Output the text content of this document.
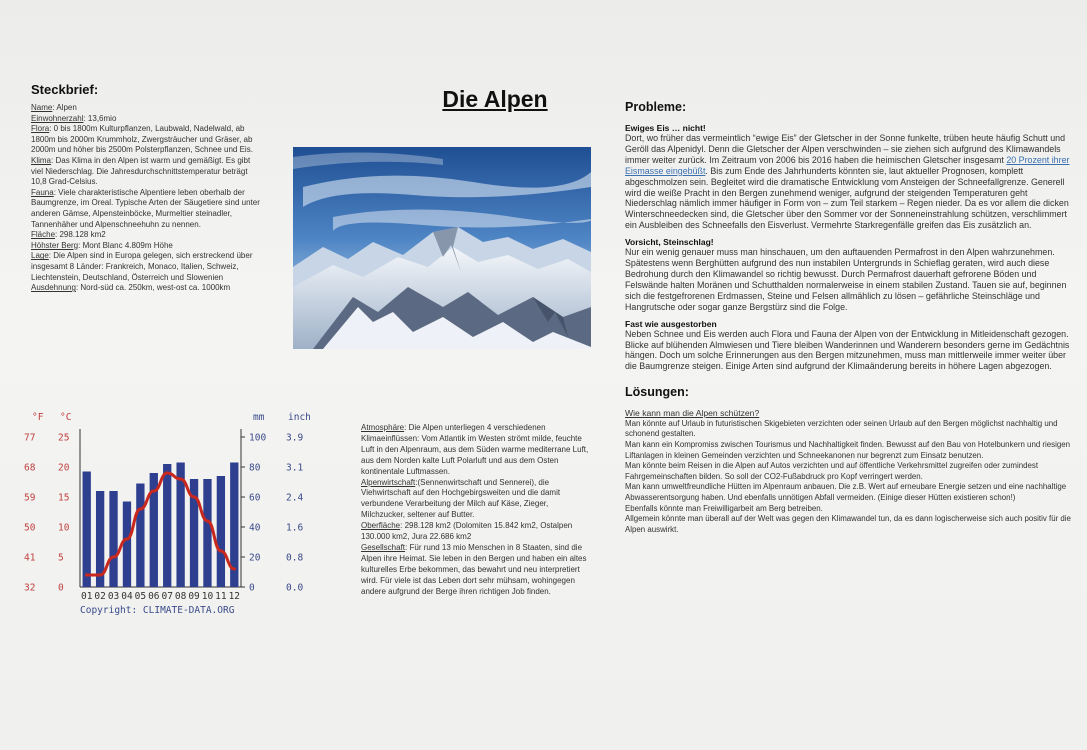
Steckbrief:
Name: Alpen
Einwohnerzahl: 13,6mio
Flora: 0 bis 1800m Kulturpflanzen, Laubwald, Nadelwald, ab 1800m bis 2000m Krummholz, Zwergsträucher und Gräser, ab 2000m und höher bis 2500m Polsterpflanzen, Schnee und Eis.
Klima: Das Klima in den Alpen ist warm und gemäßigt. Es gibt viel Niederschlag. Die Jahresdurchschnittstemperatur beträgt 10,8 Grad-Celsius.
Fauna: Viele charakteristische Alpentiere leben oberhalb der Baumgrenze, im Oreal. Typische Arten der Säugetiere sind unter anderen Gämse, Alpensteinböcke, Murmeltier steinadler, Tannenhäher und Alpenschneehuhn zu nennen.
Fläche: 298.128 km2
Höhster Berg: Mont Blanc 4.809m Höhe
Lage: Die Alpen sind in Europa gelegen, sich erstreckend über insgesamt 8 Länder: Frankreich, Monaco, Italien, Schweiz, Liechtenstein, Deutschland, Österreich und Slowenien
Ausdehnung: Nord-süd ca. 250km, west-ost ca. 1000km
Die Alpen

Atmosphäre: Die Alpen unterliegen 4 verschiedenen Klimaeinflüssen: Vom Atlantik im Westen strömt milde, feuchte Luft in den Alpenraum, aus dem Süden warme mediterrane Luft, aus dem Norden kalte Luft Polarluft und aus dem Osten kontinentale Luftmassen.

Alpenwirtschaft:(Sennenwirtschaft und Sennerei), die Viehwirtschaft auf den Hochgebirgsweiten und die damit verbundene Verarbeitung der Milch auf Käse, Zieger, Milchzucker, seltener auf Butter.

Oberfläche: 298.128 km2 (Dolomiten 15.842 km2, Ostalpen 130.000 km2, Jura 22.686 km2

Gesellschaft: Für rund 13 mio Menschen in 8 Staaten, sind die Alpen ihre Heimat. Sie leben in den Bergen und haben ein altes kulturelles Erbe bekommen, das bewahrt und neu interpretiert wird. Für viele ist das Leben dort sehr mühsam, wohingegen andere aufgrund der Berge ihren richtigen Job finden.

°F °C	mm inch
77 25	100 3.9
68 20	80	3.1
59 15	60	2.4
50 10	40	1.6
41 5	20	0.8
32 0	0	0.0
01 02 03 04 05 06 07 08 09 10 11 12
Copyright: CLIMATE-DATA.ORG
Probleme:
Ewiges Eis … nicht!
Dort, wo früher das vermeintlich “ewige Eis” der Gletscher in der Sonne funkelte, trüben heute häufig Schutt und Geröll das Alpenidyl. Denn die Gletscher der Alpen verschwinden – sie ziehen sich aufgrund des Klimawandels immer weiter zurück. Im Zeitraum von 2006 bis 2016 haben die heimischen Gletscher insgesamt 20 Prozent ihrer Eismasse eingebüßt. Bis zum Ende des Jahrhunderts könnten sie, laut aktueller Prognosen, komplett abgeschmolzen sein. Begleitet wird die dramatische Entwicklung vom Ansteigen der Schneefallgrenze. Generell wird die weiße Pracht in den Bergen zunehmend weniger, aufgrund der steigenden Temperaturen geht Niederschlag nämlich immer häufiger in Form von – zum Teil starkem – Regen nieder. Da es vor allem die dicken Winterschneedecken sind, die Gletscher über den Sommer vor der Sonneneinstrahlung schützen, verschlimmert ein Ausbleiben des Schneefalls den Eisverlust. Vermehrte Starkregenfälle greifen das Eis zusätzlich an.
Vorsicht, Steinschlag!
Nur ein wenig genauer muss man hinschauen, um den auftauenden Permafrost in den Alpen wahrzunehmen. Spätestens wenn Berghütten aufgrund des nun instabilen Untergrunds in Schieflag geraten, wird auch diese Bedrohung durch den Klimawandel so richtig bewusst. Durch Permafrost dauerhaft gefrorene Böden und Felswände halten Moränen und Schutthalden normalerweise in einem stabilen Zustand. Tauen sie auf, beginnen sich die festgefrorenen Erdmassen, Steine und Felsen allmählich zu lösen – gefährliche Steinschläge und Hangrutsche oder sogar ganze Bergstürz sind die Folge.
Fast wie ausgestorben
Neben Schnee und Eis werden auch Flora und Fauna der Alpen von der Entwicklung in Mitleidenschaft gezogen. Blicke auf blühenden Almwiesen und Tiere bleiben Wanderinnen und Wanderern besonders gerne im Gedächtnis hängen. Doch um solche Erinnerungen aus den Bergen mitzunehmen, muss man mittlerweile immer weiter über die Baumgrenze steigen. Einige Arten sind aufgrund der Klimaänderung bereits in höhere Lagen abgezogen.
Lösungen:
Wie kann man die Alpen schützen?
Man könnte auf Urlaub in futuristischen Skigebieten verzichten oder seinen Urlaub auf den Bergen möglichst nachhaltig und schonend gestalten.
Man kann ein Kompromiss zwischen Tourismus und Nachhaltigkeit finden. Bewusst auf den Bau von Hotelbunkern und riesigen Liftanlagen in kleinen Gemeinden verzichten und Schneekanonen nur begrenzt zum Einsatz benutzen.
Man könnte beim Reisen in die Alpen auf Autos verzichten und auf öffentliche Verkehrsmittel zugreifen oder zumindest Fahrgemeinschaften bilden. So soll der CO2-Fußabdruck pro Kopf verringert werden.
Man kann umweltfreundliche Hütten im Alpenraum anbauen. Die z.B. Wert auf erneubare Energie setzen und eine nachhaltige Abwasserentsorgung haben. Und ebenfalls unnötigen Abfall vermeiden. (Einige dieser Hütten existieren schon!)
Ebenfalls könnte man Freiwilligarbeit am Berg betreiben.
Allgemein könnte man überall auf der Welt was gegen den Klimawandel tun, da es dann logischerweise sich auch positiv für die Alpen auswirkt.
